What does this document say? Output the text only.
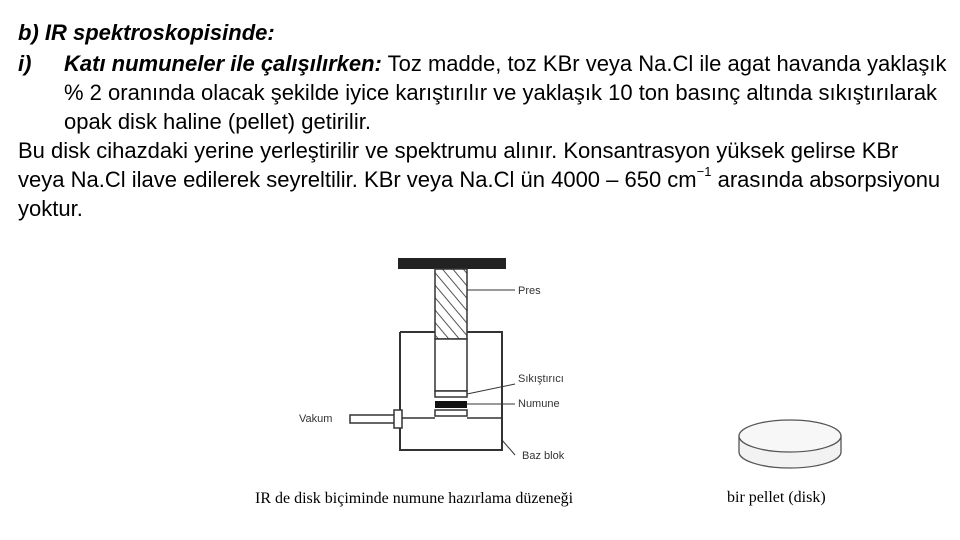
b) IR spektroskopisinde:

i)	Katı numuneler ile çalışılırken: Toz madde, toz KBr veya Na.Cl ile agat havanda yaklaşık % 2 oranında olacak şekilde iyice karıştırılır ve yaklaşık 10 ton basınç altında sıkıştırılarak opak disk haline (pellet) getirilir.

Bu disk cihazdaki yerine yerleştirilir ve spektrumu alınır. Konsantrasyon yüksek gelirse KBr veya Na.Cl ilave edilerek seyreltilir. KBr veya Na.Cl ün 4000 – 650 $cm^{-1}$ arasında absorpsiyonu yoktur.

Pres
Sıkıştırıcı
Numune
Vakum
Baz blok
IR de disk biçiminde numune hazırlama düzeneği	bir pellet (disk)
